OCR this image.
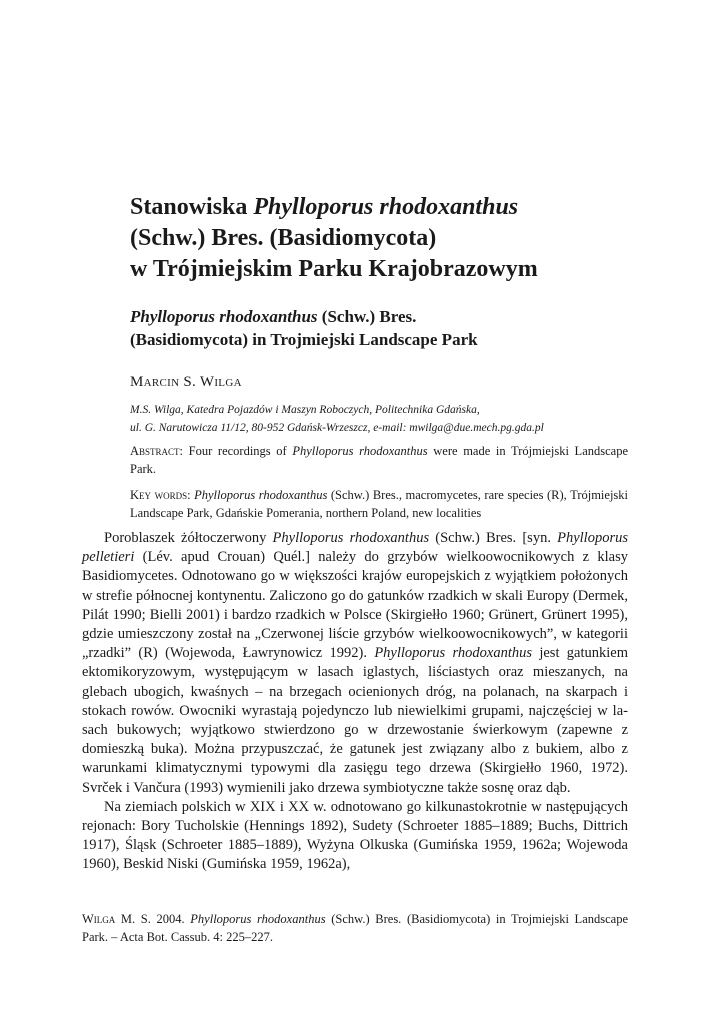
Stanowiska Phylloporus rhodoxanthus
(Schw.) Bres. (Basidiomycota)
w Trójmiejskim Parku Krajobrazowym
Phylloporus rhodoxanthus (Schw.) Bres.
(Basidiomycota) in Trojmiejski Landscape Park
Marcin S. Wilga
M.S. Wilga, Katedra Pojazdów i Maszyn Roboczych, Politechnika Gdańska,
ul. G. Narutowicza 11/12, 80-952 Gdańsk-Wrzeszcz, e-mail: mwilga@due.mech.pg.gda.pl
Abstract: Four recordings of Phylloporus rhodoxanthus were made in Trójmiejski Landscape Park.
Key words: Phylloporus rhodoxanthus (Schw.) Bres., macromycetes, rare species (R), Trójmiejski Landscape Park, Gdańskie Pomerania, northern Poland, new localities

Poroblaszek żółtoczerwony Phylloporus rhodoxanthus (Schw.) Bres. [syn. Phylloporus pelletieri (Lév. apud Crouan) Quél.] należy do grzybów wielkoowocnikowych z klasy Basidiomycetes. Odnotowano go w większości krajów europejskich z wyjątkiem położonych w strefie północnej kontynentu. Zaliczono go do gatunków rzadkich w skali Europy (Dermek, Pilát 1990; Bielli 2001) i bardzo rzadkich w Polsce (Skirgiełło 1960; Grünert, Grünert 1995), gdzie umieszczony został na „Czerwonej liście grzybów wielkoowocnikowych”, w kategorii „rzadki” (R) (Wojewoda, Ławrynowicz 1992). Phylloporus rhodoxanthus jest gatunkiem ektomikoryzowym, występującym w lasach iglastych, liściastych oraz mieszanych, na glebach ubogich, kwaśnych – na brzegach ocienionych dróg, na polanach, na skarpach i stokach rowów. Owocniki wyrastają pojedynczo lub niewielkimi grupami, najczęściej w lasach bukowych; wyjątkowo stwierdzono go w drzewostanie świerkowym (zapewne z domieszką buka). Można przypuszczać, że gatunek jest związany albo z bukiem, albo z warunkami klimatycznymi typowymi dla zasięgu tego drzewa (Skirgiełło 1960, 1972). Svrček i Vančura (1993) wymienili jako drzewa symbiotyczne także sosnę oraz dąb.

Na ziemiach polskich w XIX i XX w. odnotowano go kilkunastokrotnie w następujących rejonach: Bory Tucholskie (Hennings 1892), Sudety (Schroeter 1885–1889; Buchs, Dittrich 1917), Śląsk (Schroeter 1885–1889), Wyżyna Olkuska (Gumińska 1959, 1962a; Wojewoda 1960), Beskid Niski (Gumińska 1959, 1962a),

Wilga M. S. 2004. Phylloporus rhodoxanthus (Schw.) Bres. (Basidiomycota) in Trojmiejski Landscape Park. – Acta Bot. Cassub. 4: 225–227.
